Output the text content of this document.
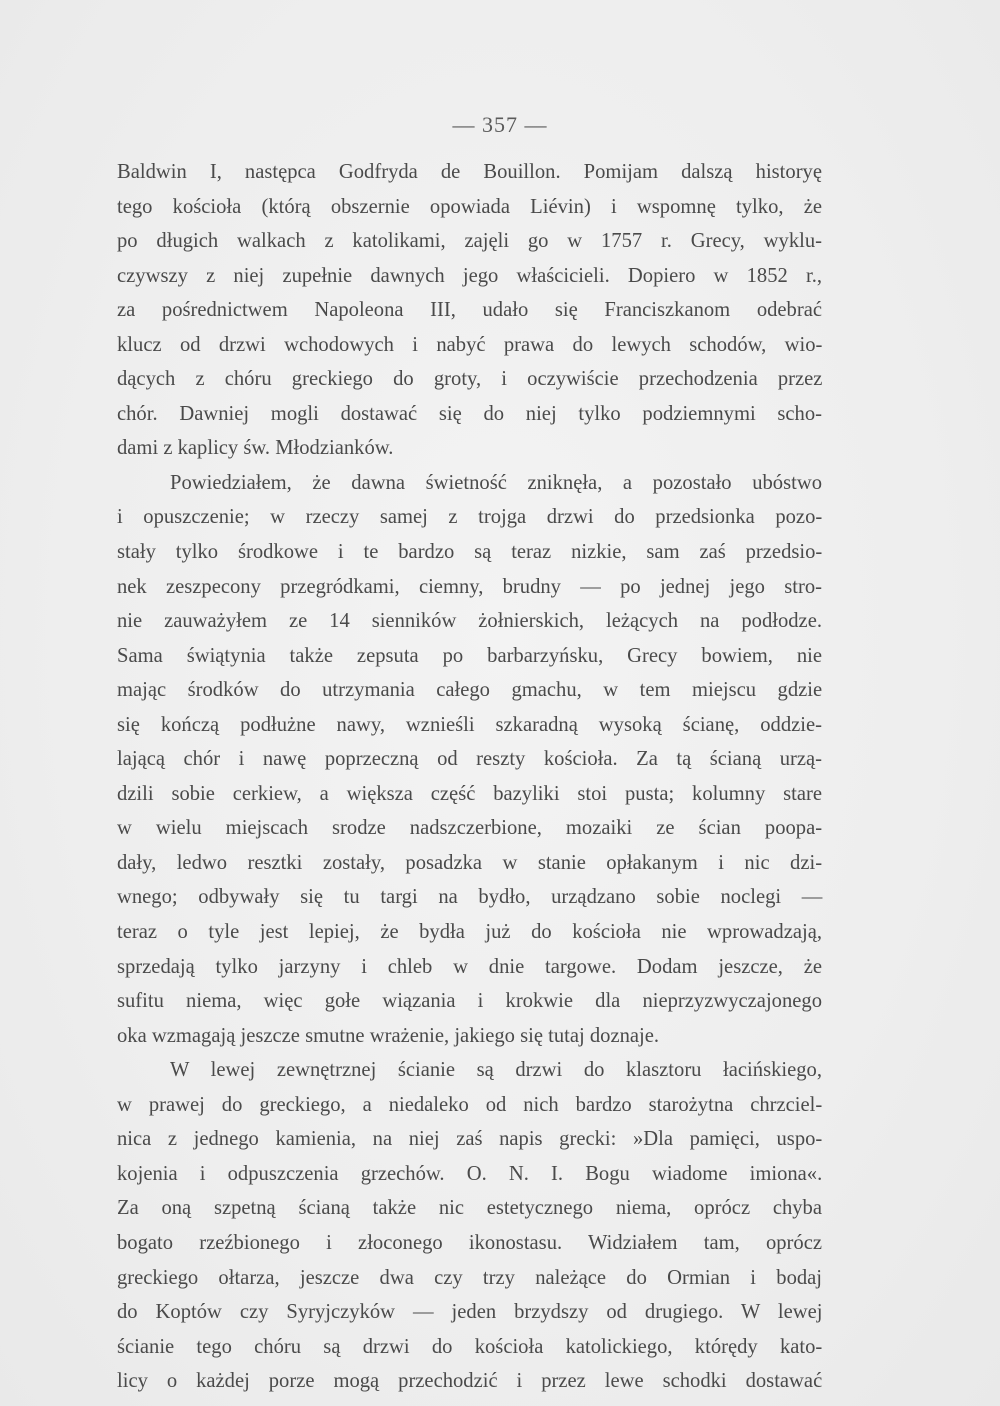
— 357 —
Baldwin I, następca Godfryda de Bouillon. Pomijam dalszą historyę
tego kościoła (którą obszernie opowiada Liévin) i wspomnę tylko, że
po długich walkach z katolikami, zajęli go w 1757 r. Grecy, wyklu-
czywszy z niej zupełnie dawnych jego właścicieli. Dopiero w 1852 r.,
za pośrednictwem Napoleona III, udało się Franciszkanom odebrać
klucz od drzwi wchodowych i nabyć prawa do lewych schodów, wio-
dących z chóru greckiego do groty, i oczywiście przechodzenia przez
chór. Dawniej mogli dostawać się do niej tylko podziemnymi scho-
dami z kaplicy św. Młodzianków.
Powiedziałem, że dawna świetność zniknęła, a pozostało ubóstwo
i opuszczenie; w rzeczy samej z trojga drzwi do przedsionka pozo-
stały tylko środkowe i te bardzo są teraz nizkie, sam zaś przedsio-
nek zeszpecony przegródkami, ciemny, brudny — po jednej jego stro-
nie zauważyłem ze 14 sienników żołnierskich, leżących na podłodze.
Sama świątynia także zepsuta po barbarzyńsku, Grecy bowiem, nie
mając środków do utrzymania całego gmachu, w tem miejscu gdzie
się kończą podłużne nawy, wznieśli szkaradną wysoką ścianę, oddzie-
lającą chór i nawę poprzeczną od reszty kościoła. Za tą ścianą urzą-
dzili sobie cerkiew, a większa część bazyliki stoi pusta; kolumny stare
w wielu miejscach srodze nadszczerbione, mozaiki ze ścian poopa-
dały, ledwo resztki zostały, posadzka w stanie opłakanym i nic dzi-
wnego; odbywały się tu targi na bydło, urządzano sobie noclegi —
teraz o tyle jest lepiej, że bydła już do kościoła nie wprowadzają,
sprzedają tylko jarzyny i chleb w dnie targowe. Dodam jeszcze, że
sufitu niema, więc gołe wiązania i krokwie dla nieprzyzwyczajonego
oka wzmagają jeszcze smutne wrażenie, jakiego się tutaj doznaje.
W lewej zewnętrznej ścianie są drzwi do klasztoru łacińskiego,
w prawej do greckiego, a niedaleko od nich bardzo starożytna chrzciel-
nica z jednego kamienia, na niej zaś napis grecki: »Dla pamięci, uspo-
kojenia i odpuszczenia grzechów. O. N. I. Bogu wiadome imiona«.
Za oną szpetną ścianą także nic estetycznego niema, oprócz chyba
bogato rzeźbionego i złoconego ikonostasu. Widziałem tam, oprócz
greckiego ołtarza, jeszcze dwa czy trzy należące do Ormian i bodaj
do Koptów czy Syryjczyków — jeden brzydszy od drugiego. W lewej
ścianie tego chóru są drzwi do kościoła katolickiego, którędy kato-
licy o każdej porze mogą przechodzić i przez lewe schodki dostawać
